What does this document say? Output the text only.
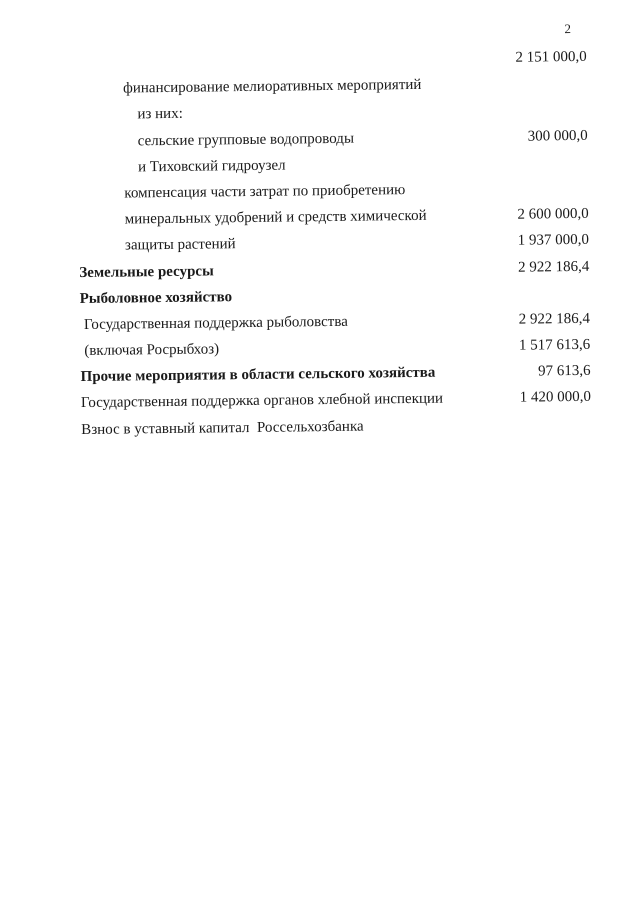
2

финансирование мелиоративных мероприятий

2 151 000,0

из них:

сельские групповые водопроводы

и Тиховский гидроузел

300 000,0

компенсация части затрат по приобретению

минеральных удобрений и средств химической

защиты растений

2 600 000,0

Земельные ресурсы

1 937 000,0

Рыболовное хозяйство

2 922 186,4

Государственная поддержка рыболовства

(включая Росрыбхоз)

2 922 186,4

Прочие мероприятия в области сельского хозяйства

1 517 613,6

Государственная поддержка органов хлебной инспекции

97 613,6

Взнос в уставный капитал  Россельхозбанка

1 420 000,0
